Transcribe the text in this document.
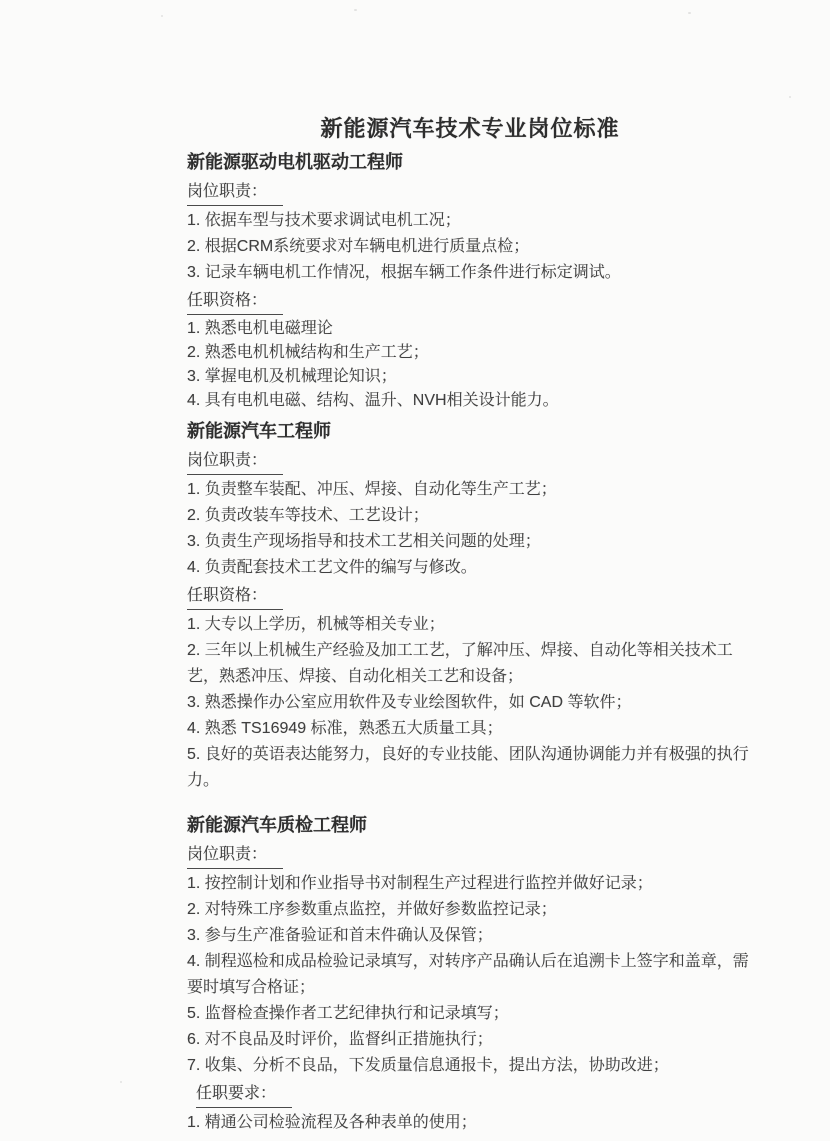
新能源汽车技术专业岗位标准
新能源驱动电机驱动工程师
岗位职责：

1. 依据车型与技术要求调试电机工况；

2. 根据CRM系统要求对车辆电机进行质量点检；

3. 记录车辆电机工作情况，根据车辆工作条件进行标定调试。

任职资格：

1. 熟悉电机电磁理论

2. 熟悉电机机械结构和生产工艺；

3. 掌握电机及机械理论知识；

4. 具有电机电磁、结构、温升、NVH相关设计能力。

新能源汽车工程师
岗位职责：

1. 负责整车装配、冲压、焊接、自动化等生产工艺；

2. 负责改装车等技术、工艺设计；

3. 负责生产现场指导和技术工艺相关问题的处理；

4. 负责配套技术工艺文件的编写与修改。

任职资格：

1. 大专以上学历，机械等相关专业；

2. 三年以上机械生产经验及加工工艺，了解冲压、焊接、自动化等相关技术工艺，熟悉冲压、焊接、自动化相关工艺和设备；

3. 熟悉操作办公室应用软件及专业绘图软件，如 CAD 等软件；

4. 熟悉 TS16949 标准，熟悉五大质量工具；

5. 良好的英语表达能努力，良好的专业技能、团队沟通协调能力并有极强的执行力。

新能源汽车质检工程师
岗位职责：

1. 按控制计划和作业指导书对制程生产过程进行监控并做好记录；

2. 对特殊工序参数重点监控，并做好参数监控记录；

3. 参与生产准备验证和首末件确认及保管；

4. 制程巡检和成品检验记录填写，对转序产品确认后在追溯卡上签字和盖章，需要时填写合格证；

5. 监督检查操作者工艺纪律执行和记录填写；

6. 对不良品及时评价，监督纠正措施执行；

7. 收集、分析不良品，下发质量信息通报卡，提出方法，协助改进；

任职要求：

1. 精通公司检验流程及各种表单的使用；
